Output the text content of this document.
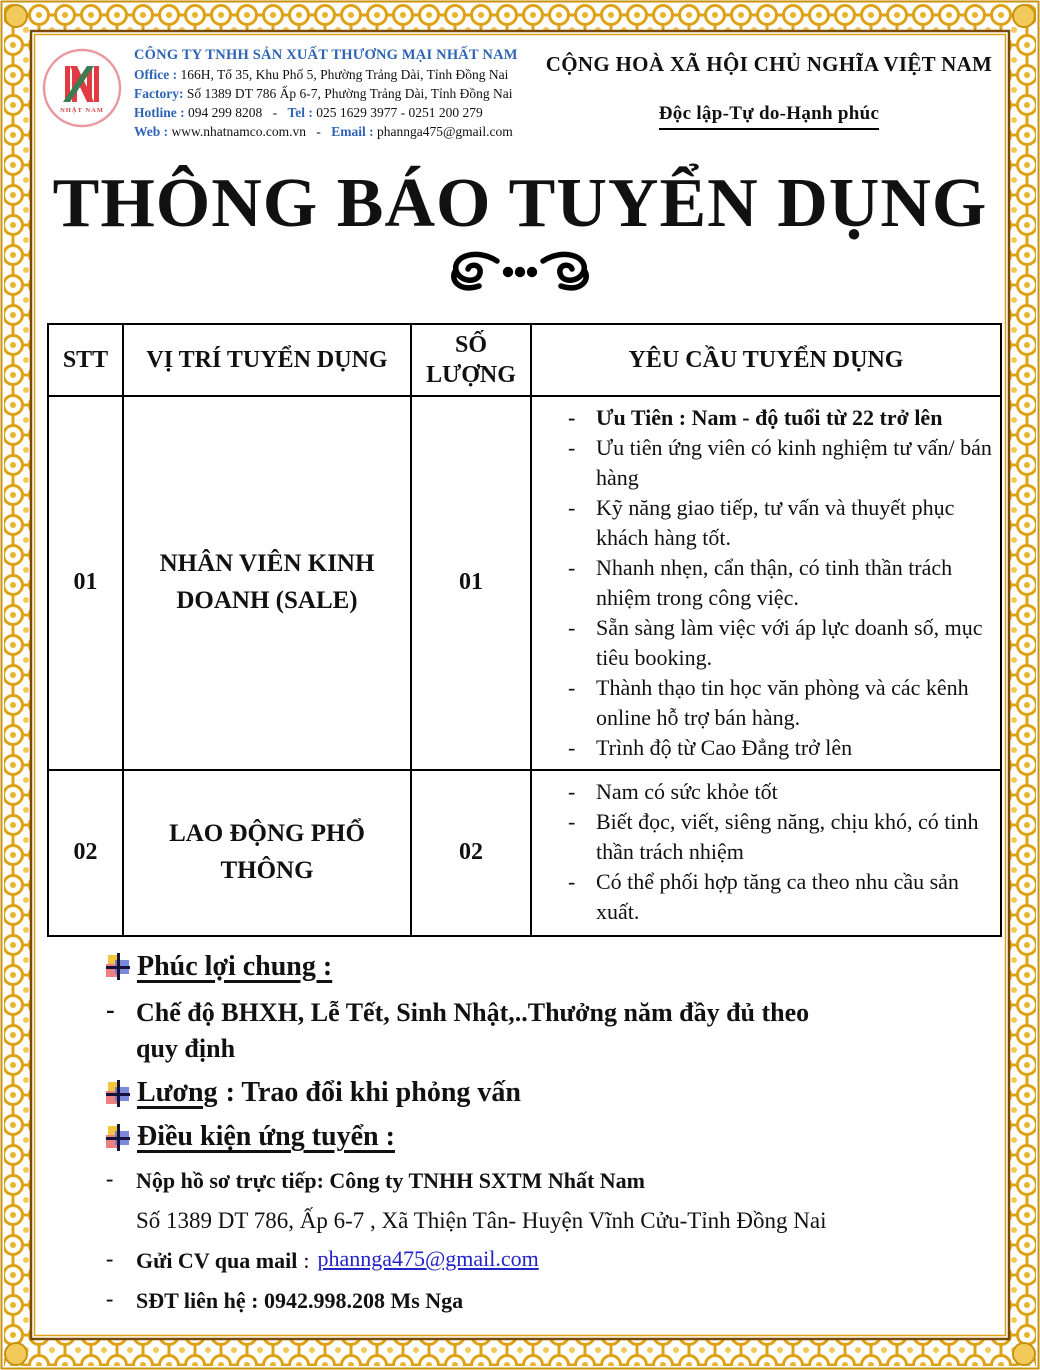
NHẬT NAM
CÔNG TY TNHH SẢN XUẤT THƯƠNG MẠI NHẤT NAM
Office : 166H, Tổ 35, Khu Phố 5, Phường Trảng Dài, Tỉnh Đồng Nai
Factory: Số 1389 DT 786 Ấp 6-7, Phường Trảng Dài, Tỉnh Đồng Nai
Hotline : 094 299 8208 - Tel : 025 1629 3977 - 0251 200 279
Web : www.nhatnamco.com.vn - Email : phannga475@gmail.com
CỘNG HOÀ XÃ HỘI CHỦ NGHĨA VIỆT NAM
Độc lập-Tự do-Hạnh phúc
THÔNG BÁO TUYỂN DỤNG
STT	VỊ TRÍ TUYỂN DỤNG	SỐ LƯỢNG	YÊU CẦU TUYỂN DỤNG
01	NHÂN VIÊN KINH DOANH (SALE)	01	
- Ưu Tiên : Nam - độ tuổi từ 22 trở lên
- Ưu tiên ứng viên có kinh nghiệm tư vấn/ bán hàng
- Kỹ năng giao tiếp, tư vấn và thuyết phục khách hàng tốt.
- Nhanh nhẹn, cẩn thận, có tinh thần trách nhiệm trong công việc.
- Sẵn sàng làm việc với áp lực doanh số, mục tiêu booking.
- Thành thạo tin học văn phòng và các kênh online hỗ trợ bán hàng.
- Trình độ từ Cao Đẳng trở lên

02	LAO ĐỘNG PHỔ THÔNG	02	
- Nam có sức khỏe tốt
- Biết đọc, viết, siêng năng, chịu khó, có tinh thần trách nhiệm
- Có thể phối hợp tăng ca theo nhu cầu sản xuất.
Phúc lợi chung :
- Chế độ BHXH, Lễ Tết, Sinh Nhật,..Thưởng năm đầy đủ theo quy định
Lương : Trao đổi khi phỏng vấn
Điều kiện ứng tuyển :
-	Nộp hồ sơ trực tiếp: Công ty TNHH SXTM Nhất Nam
Số 1389 DT 786, Ấp 6-7 , Xã Thiện Tân- Huyện Vĩnh Cửu-Tỉnh Đồng Nai
-	Gửi CV qua mail : phannga475@gmail.com
-	SĐT liên hệ : 0942.998.208 Ms Nga
